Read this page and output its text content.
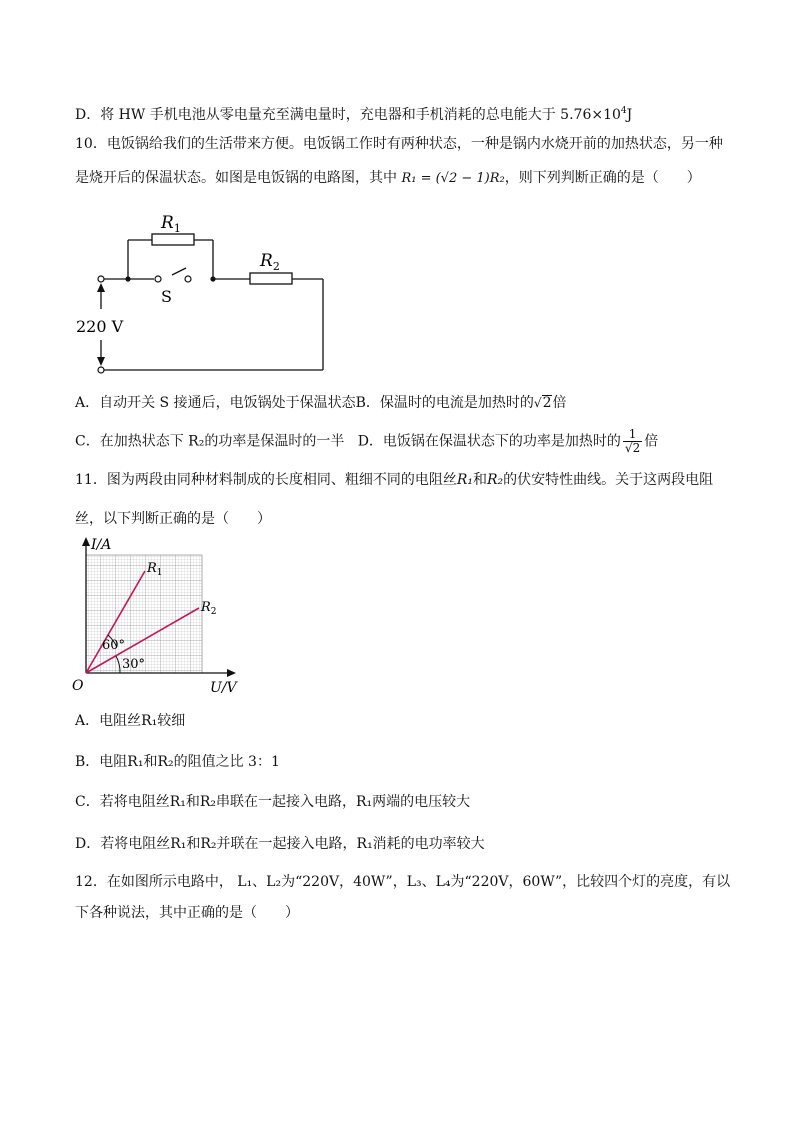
D．将 HW 手机电池从零电量充至满电量时，充电器和手机消耗的总电能大于 $5.76\times 10^4J$
10．电饭锅给我们的生活带来方便。电饭锅工作时有两种状态，一种是锅内水烧开前的加热状态，另一种
是烧开后的保温状态。如图是电饭锅的电路图，其中 R₁ = (√2 − 1)R₂，则下列判断正确的是（　　）
$R_1$
$R_2$
S
220 V
A．自动开关 S 接通后，电饭锅处于保温状态B．保温时的电流是加热时的√2倍
C．在加热状态下 R₂的功率是保温时的一半 D．电饭锅在保温状态下的功率是加热时的 $\frac{1}{√2}$ 倍
11．图为两段由同种材料制成的长度相同、粗细不同的电阻丝R₁和R₂的伏安特性曲线。关于这两段电阻
丝，以下判断正确的是（　　）
I/A
U/V
O
60°
30°
$R_1$
$R_2$
A．电阻丝R₁较细
B．电阻R₁和R₂的阻值之比 3：1
C．若将电阻丝R₁和R₂串联在一起接入电路，R₁两端的电压较大
D．若将电阻丝R₁和R₂并联在一起接入电路，R₁消耗的电功率较大
12．在如图所示电路中， L₁、L₂为“220V，40W”，L₃、L₄为“220V，60W”，比较四个灯的亮度，有以
下各种说法，其中正确的是（　　）
